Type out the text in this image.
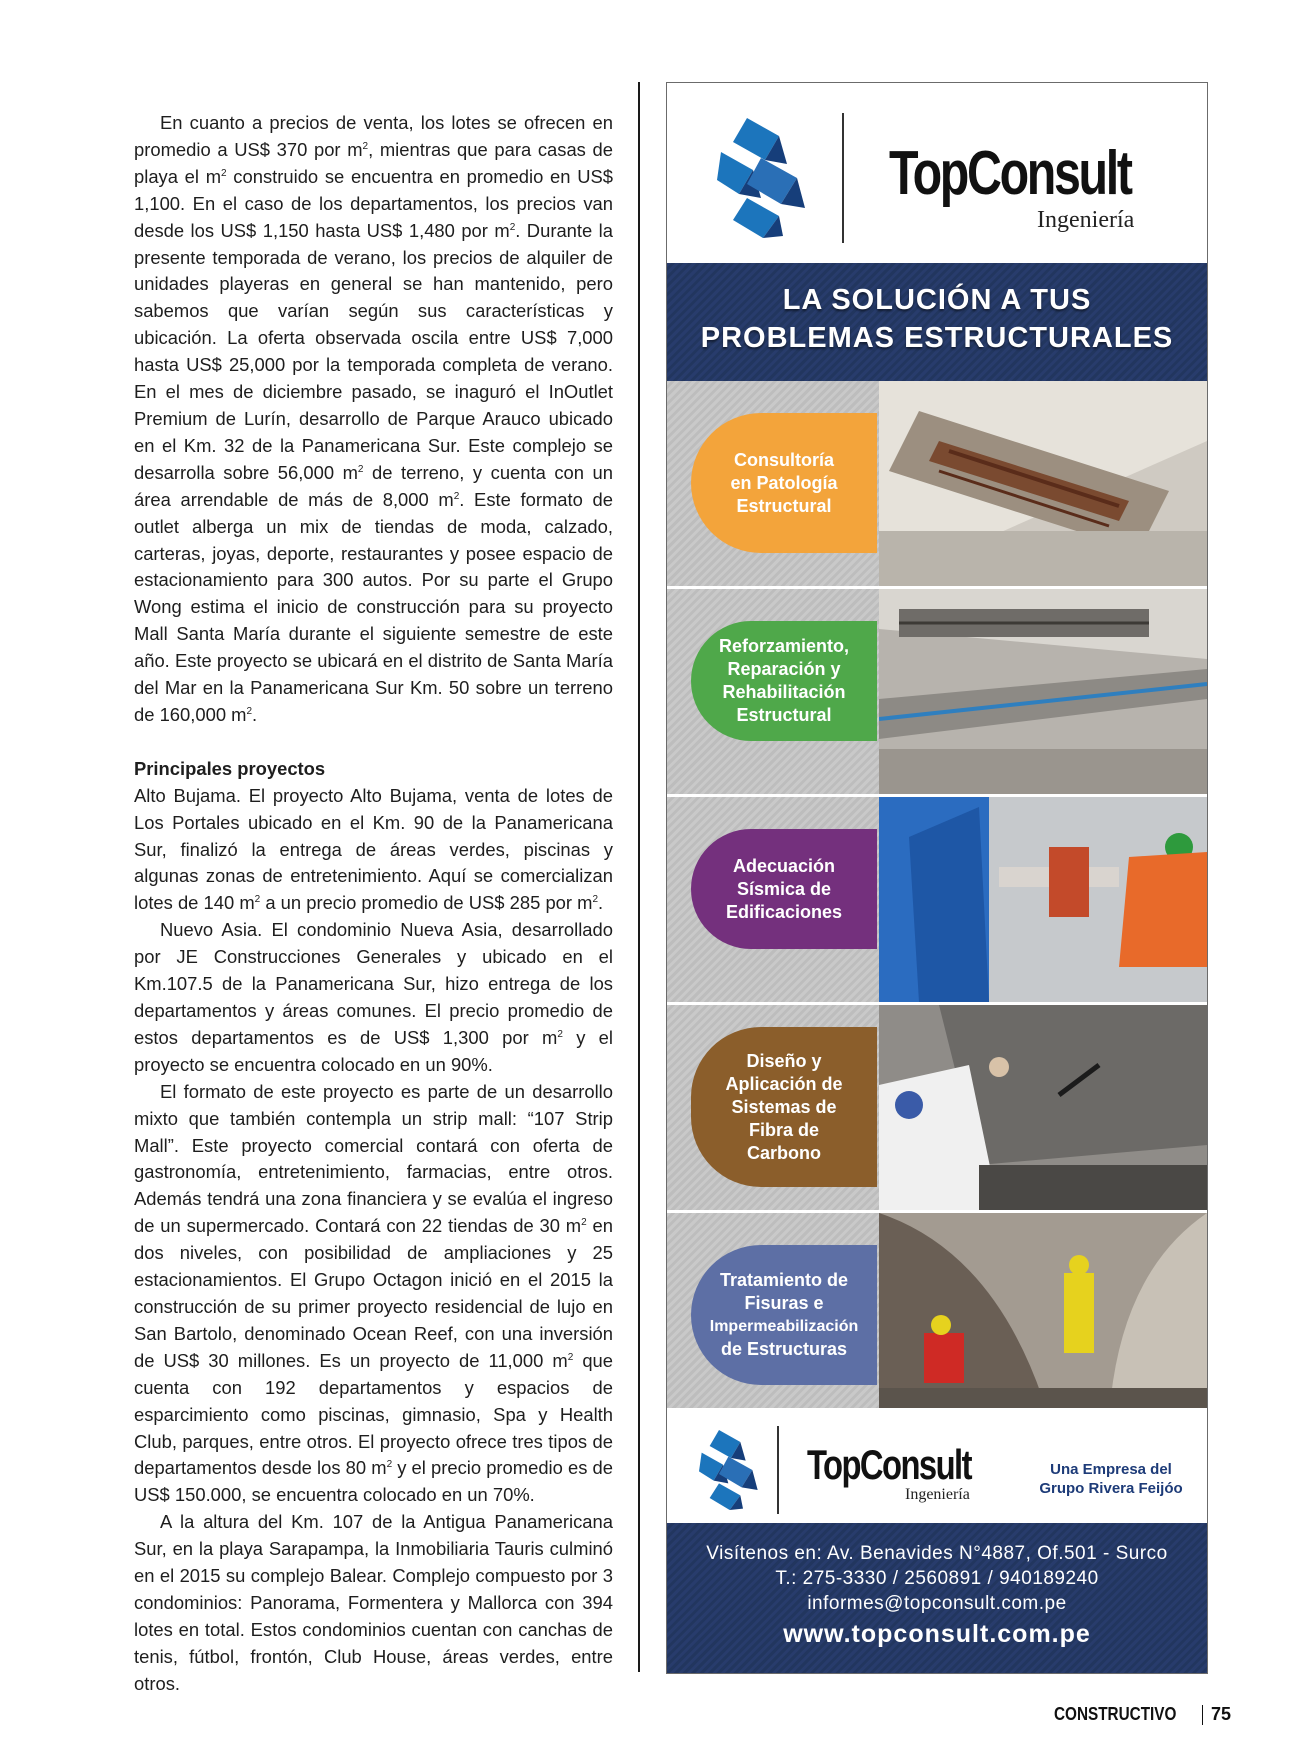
En cuanto a precios de venta, los lotes se ofrecen en promedio a US$ 370 por $m^2$, mientras que para casas de playa el $m^2$ construido se encuentra en promedio en US$ 1,100. En el caso de los departamentos, los precios van desde los US$ 1,150 hasta US$ 1,480 por $m^2$. Durante la presente temporada de verano, los precios de alquiler de unidades playeras en general se han mantenido, pero sabemos que varían según sus características y ubicación. La oferta observada oscila entre US$ 7,000 hasta US$ 25,000 por la temporada completa de verano. En el mes de diciembre pasado, se inaguró el InOutlet Premium de Lurín, desarrollo de Parque Arauco ubicado en el Km. 32 de la Panamericana Sur. Este complejo se desarrolla sobre 56,000 $m^2$ de terreno, y cuenta con un área arrendable de más de 8,000 $m^2$. Este formato de outlet alberga un mix de tiendas de moda, calzado, carteras, joyas, deporte, restaurantes y posee espacio de estacionamiento para 300 autos. Por su parte el Grupo Wong estima el inicio de construcción para su proyecto Mall Santa María durante el siguiente semestre de este año. Este proyecto se ubicará en el distrito de Santa María del Mar en la Panamericana Sur Km. 50 sobre un terreno de 160,000 $m^2$.

Principales proyectos

Alto Bujama. El proyecto Alto Bujama, venta de lotes de Los Portales ubicado en el Km. 90 de la Panamericana Sur, finalizó la entrega de áreas verdes, piscinas y algunas zonas de entretenimiento. Aquí se comercializan lotes de 140 $m^2$ a un precio promedio de US$ 285 por $m^2$.

Nuevo Asia. El condominio Nueva Asia, desarrollado por JE Construcciones Generales y ubicado en el Km.107.5 de la Panamericana Sur, hizo entrega de los departamentos y áreas comunes. El precio promedio de estos departamentos es de US$ 1,300 por $m^2$ y el proyecto se encuentra colocado en un 90%.

El formato de este proyecto es parte de un desarrollo mixto que también contempla un strip mall: “107 Strip Mall”. Este proyecto comercial contará con oferta de gastronomía, entretenimiento, farmacias, entre otros. Además tendrá una zona financiera y se evalúa el ingreso de un supermercado. Contará con 22 tiendas de 30 $m^2$ en dos niveles, con posibilidad de ampliaciones y 25 estacionamientos. El Grupo Octagon inició en el 2015 la construcción de su primer proyecto residencial de lujo en San Bartolo, denominado Ocean Reef, con una inversión de US$ 30 millones. Es un proyecto de 11,000 $m^2$ que cuenta con 192 departamentos y espacios de esparcimiento como piscinas, gimnasio, Spa y Health Club, parques, entre otros. El proyecto ofrece tres tipos de departamentos desde los 80 $m^2$ y el precio promedio es de US$ 150.000, se encuentra colocado en un 70%.

A la altura del Km. 107 de la Antigua Panamericana Sur, en la playa Sarapampa, la Inmobiliaria Tauris culminó en el 2015 su complejo Balear. Complejo compuesto por 3 condominios: Panorama, Formentera y Mallorca con 394 lotes en total. Estos condominios cuentan con canchas de tenis, fútbol, frontón, Club House, áreas verdes, entre otros.

TopConsult
Ingeniería
LA SOLUCIÓN A TUS
PROBLEMAS ESTRUCTURALES
Consultoría
en Patología
Estructural
Reforzamiento,
Reparación y
Rehabilitación
Estructural
Adecuación
Sísmica de
Edificaciones
Diseño y
Aplicación de
Sistemas de
Fibra de
Carbono
Tratamiento de
Fisuras e
Impermeabilización
de Estructuras
TopConsult
Ingeniería
Una Empresa del
Grupo Rivera Feijóo
Visítenos en: Av. Benavides N°4887, Of.501 - Surco
T.: 275-3330 / 2560891 / 940189240
informes@topconsult.com.pe
www.topconsult.com.pe
CONSTRUCTIVO 75
